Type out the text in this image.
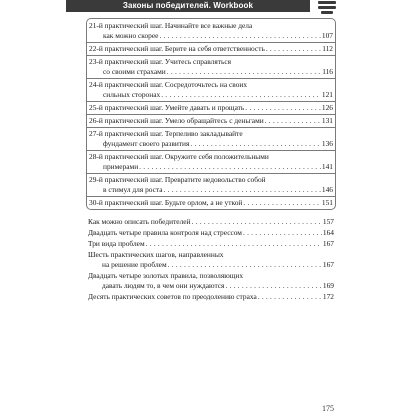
Законы победителей. Workbook
21-й практический шаг. Начинайте все важные дела
как можно скорее . . .	107
22-й практический шаг. Берите на себя ответственность . . .	112
23-й практический шаг. Учитесь справляться
со своими страхами . . .	116
24-й практический шаг. Сосредоточьтесь на своих
сильных сторонах . . .	121
25-й практический шаг. Умейте давать и прощать . . .	126
26-й практический шаг. Умело обращайтесь с деньгами . . .	131
27-й практический шаг. Терпеливо закладывайте
фундамент своего развития . . .	136
28-й практический шаг. Окружите себя положительными
примерами . . .	141
29-й практический шаг. Превратите недовольство собой
в стимул для роста . . .	146
30-й практический шаг. Будьте орлом, а не уткой . . .	151
Как можно описать победителей . . .	157
Двадцать четыре правила контроля над стрессом . . .	164
Три вида проблем . . .	167
Шесть практических шагов, направленных
на решение проблем . . .	167
Двадцать четыре золотых правила, позволяющих
давать людям то, в чем они нуждаются . . .	169
Десять практических советов по преодолению страха . . .	172
175
